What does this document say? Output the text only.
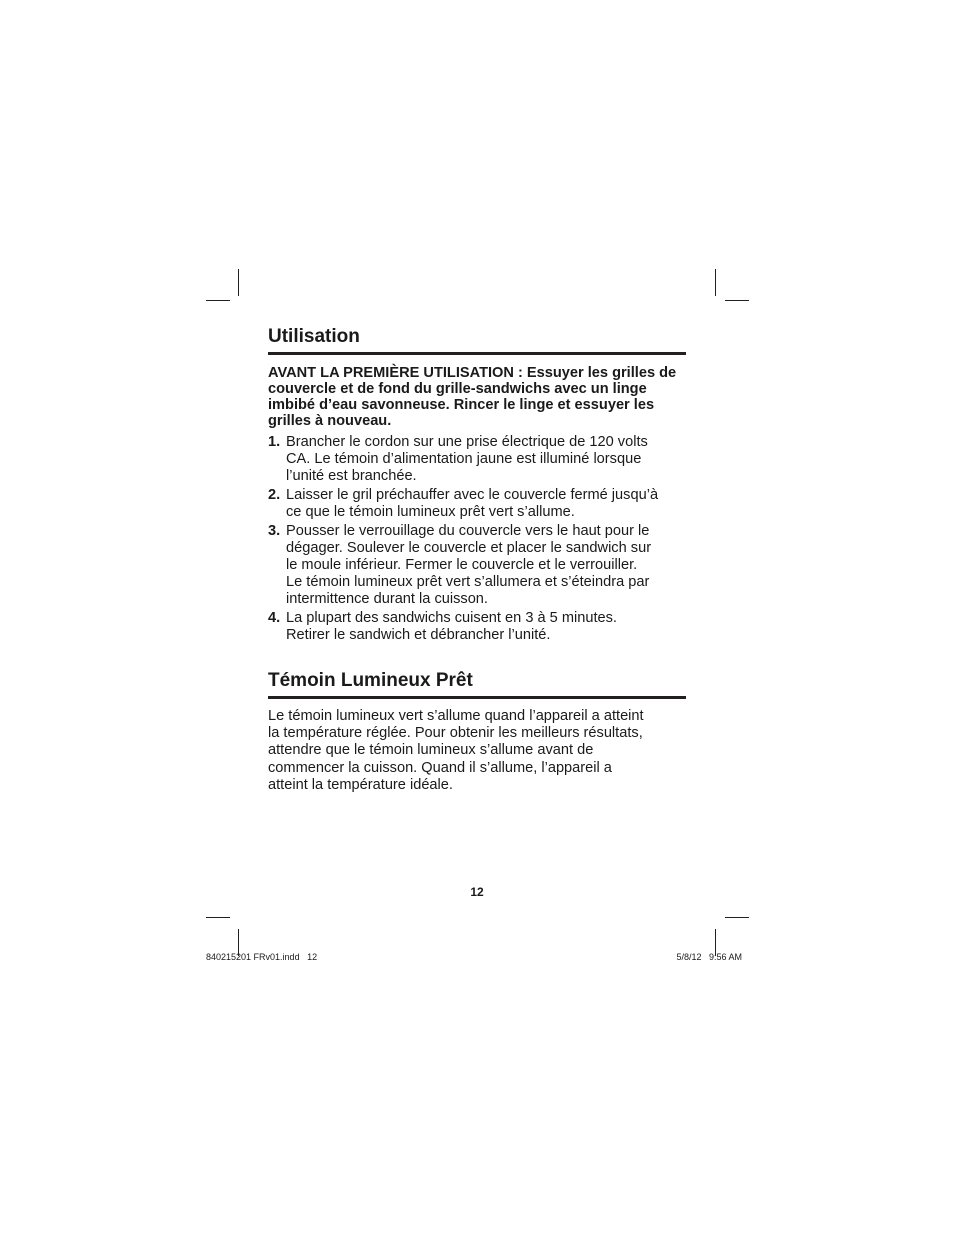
Utilisation

AVANT LA PREMIÈRE UTILISATION : Essuyer les grilles de couvercle et de fond du grille-sandwichs avec un linge imbibé d’eau savonneuse. Rincer le linge et essuyer les grilles à nouveau.

1. Brancher le cordon sur une prise électrique de 120 volts
CA. Le témoin d’alimentation jaune est illuminé lorsque
l’unité est branchée.
2. Laisser le gril préchauffer avec le couvercle fermé jusqu’à
ce que le témoin lumineux prêt vert s’allume.
3. Pousser le verrouillage du couvercle vers le haut pour le
dégager. Soulever le couvercle et placer le sandwich sur
le moule inférieur. Fermer le couvercle et le verrouiller.
Le témoin lumineux prêt vert s’allumera et s’éteindra par
intermittence durant la cuisson.
4. La plupart des sandwichs cuisent en 3 à 5 minutes.
Retirer le sandwich et débrancher l’unité.
Témoin Lumineux Prêt

Le témoin lumineux vert s’allume quand l’appareil a atteint
la température réglée. Pour obtenir les meilleurs résultats,
attendre que le témoin lumineux s’allume avant de
commencer la cuisson. Quand il s’allume, l’appareil a
atteint la température idéale.

12
840215201 FRv01.indd   12	5/8/12   9:56 AM
